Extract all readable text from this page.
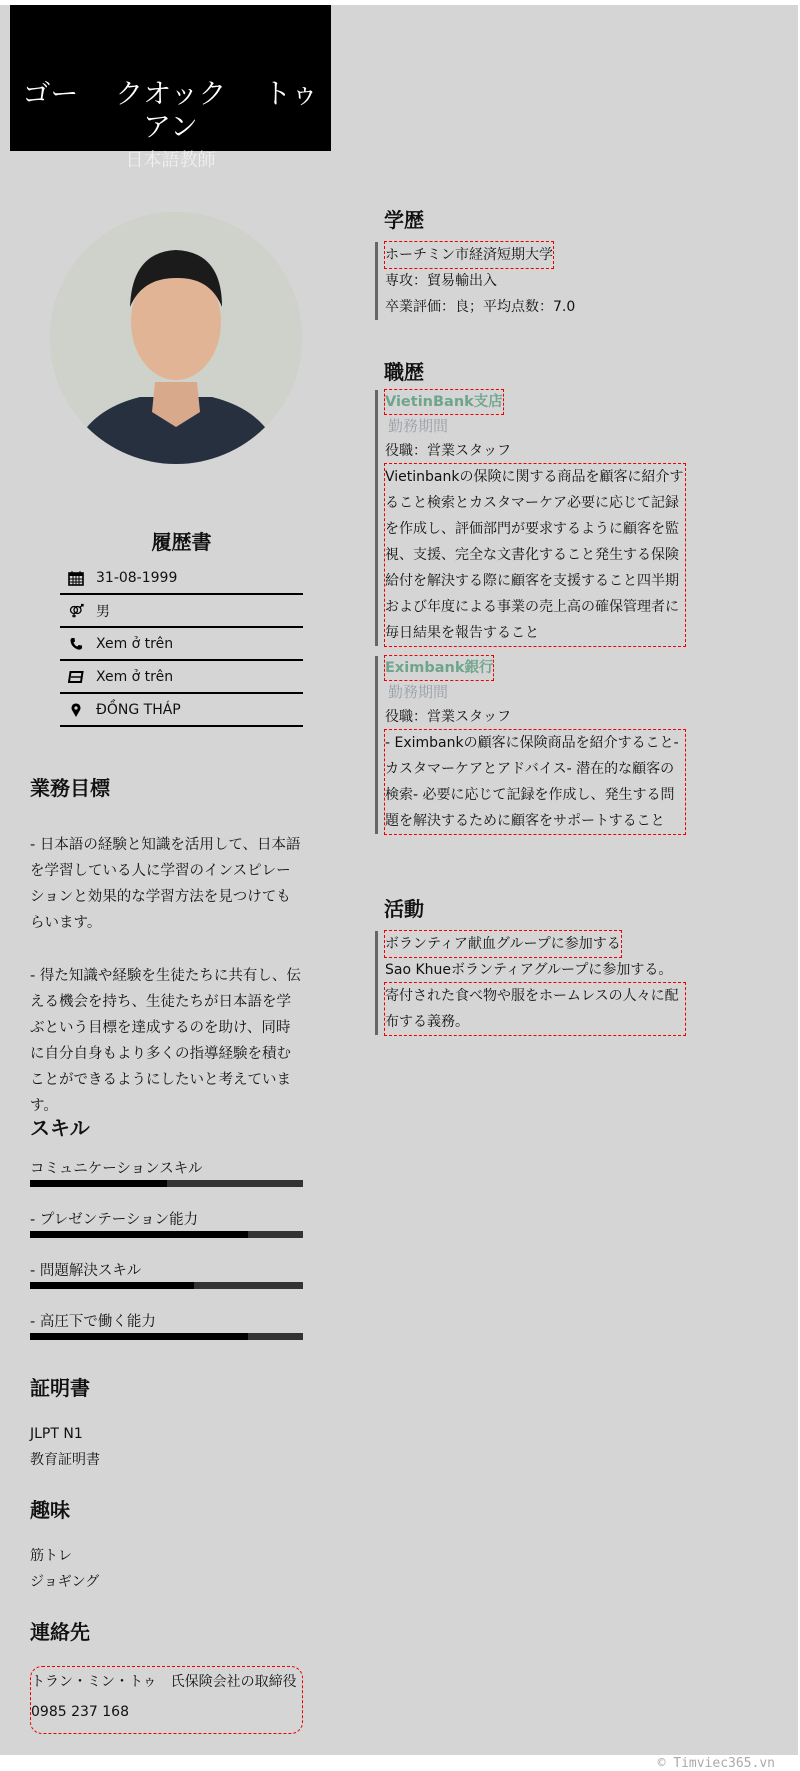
ゴー　 クオック　 トゥアン
日本語教師
履歴書
31-08-1999
男
Xem ở trên
Xem ở trên
ĐỒNG THÁP
業務目標
- 日本語の経験と知識を活用して、日本語を学習している人に学習のインスピレーションと効果的な学習方法を見つけてもらいます。
- 得た知識や経験を生徒たちに共有し、伝える機会を持ち、生徒たちが日本語を学ぶという目標を達成するのを助け、同時に自分自身もより多くの指導経験を積むことができるようにしたいと考えています。
スキル
コミュニケーションスキル
- プレゼンテーション能力
- 問題解決スキル
- 高圧下で働く能力
証明書
JLPT N1
教育証明書
趣味
筋トレ
ジョギング
連絡先
トラン・ミン・トゥ　氏保険会社の取締役
0985 237 168
学歴
ホーチミン市経済短期大学
専攻：貿易輸出入
卒業評価：良；平均点数：7.0
職歴
VietinBank支店
勤務期間
役職：営業スタッフ
Vietinbankの保険に関する商品を顧客に紹介すること検索とカスタマーケア必要に応じて記録を作成し、評価部門が要求するように顧客を監視、支援、完全な文書化すること発生する保険給付を解決する際に顧客を支援すること四半期および年度による事業の売上高の確保管理者に毎日結果を報告すること
Eximbank銀行
勤務期間
役職：営業スタッフ
- Eximbankの顧客に保険商品を紹介すること- カスタマーケアとアドバイス- 潜在的な顧客の検索- 必要に応じて記録を作成し、発生する問題を解決するために顧客をサポートすること
活動
ボランティア献血グループに参加する
Sao Khueボランティアグループに参加する。
寄付された食べ物や服をホームレスの人々に配布する義務。
© Timviec365.vn
